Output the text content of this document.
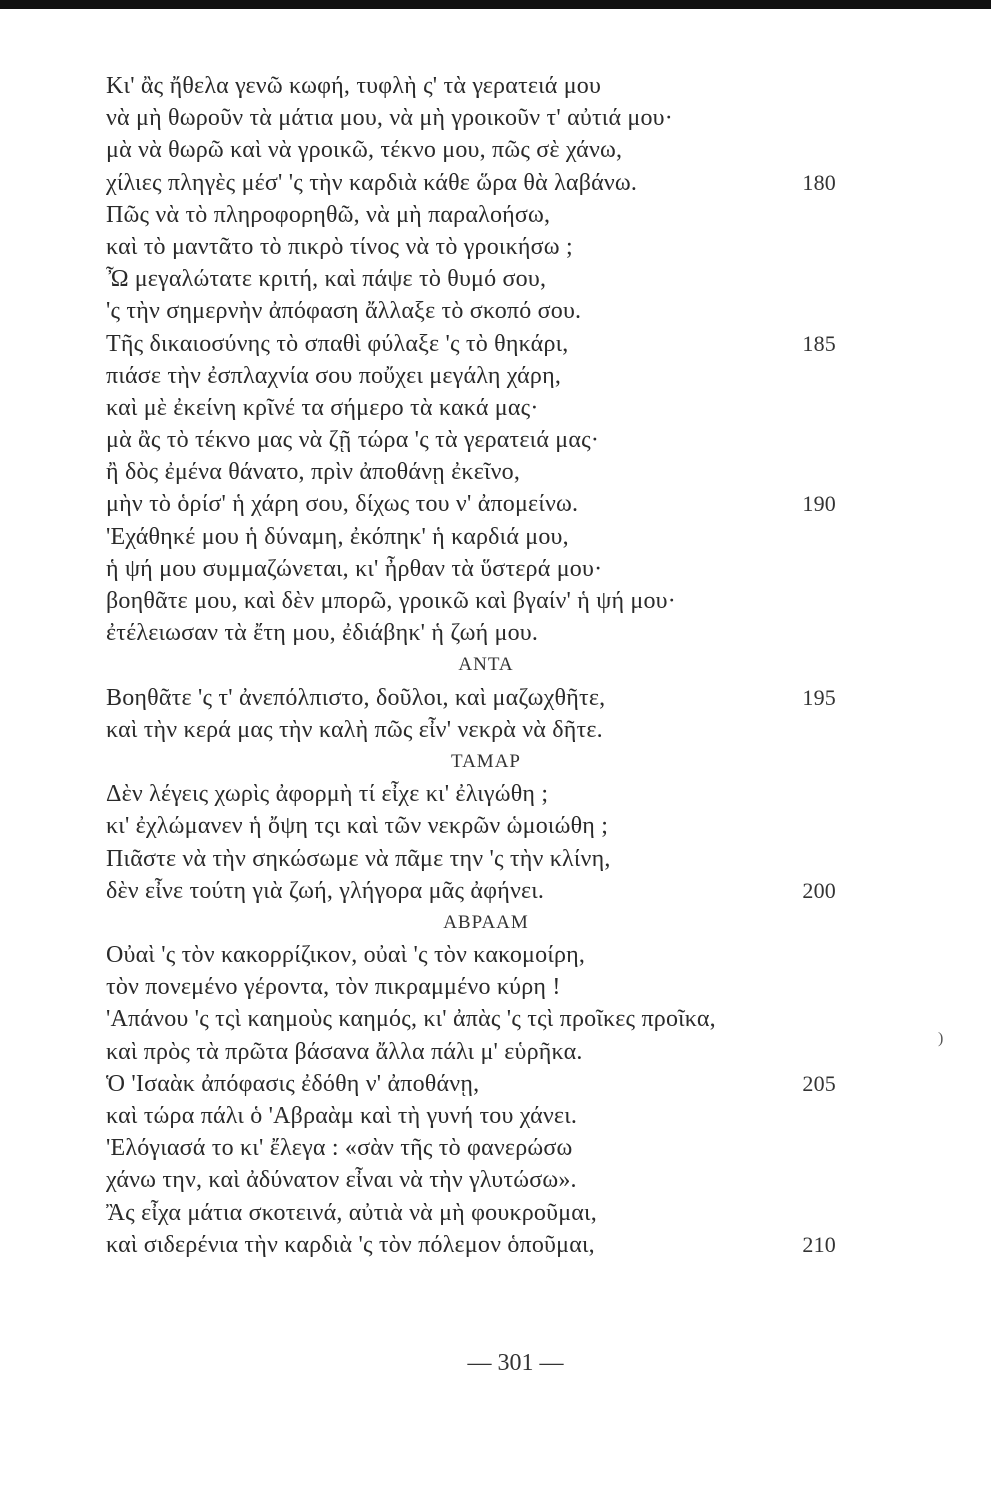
Κι' ἂς ἤθελα γενῶ κωφή, τυφλὴ ς' τὰ γερατειά μου
νὰ μὴ θωροῦν τὰ μάτια μου, νὰ μὴ γροικοῦν τ' αὐτιά μου·
μὰ νὰ θωρῶ καὶ νὰ γροικῶ, τέκνο μου, πῶς σὲ χάνω,
χίλιες πληγὲς μέσ' 'ς τὴν καρδιὰ κάθε ὥρα θὰ λαβάνω.	180
Πῶς νὰ τὸ πληροφορηθῶ, νὰ μὴ παραλοήσω,
καὶ τὸ μαντᾶτο τὸ πικρὸ τίνος νὰ τὸ γροικήσω ;
Ὦ μεγαλώτατε κριτή, καὶ πάψε τὸ θυμό σου,
'ς τὴν σημερνὴν ἀπόφαση ἄλλαξε τὸ σκοπό σου.
Τῆς δικαιοσύνης τὸ σπαθὶ φύλαξε 'ς τὸ θηκάρι,	185
πιάσε τὴν ἐσπλαχνία σου ποὔχει μεγάλη χάρη,
καὶ μὲ ἐκείνη κρῖνέ τα σήμερο τὰ κακά μας·
μὰ ἂς τὸ τέκνο μας νὰ ζῇ τώρα 'ς τὰ γερατειά μας·
ἢ δὸς ἐμένα θάνατο, πρὶν ἀποθάνῃ ἐκεῖνο,
μὴν τὸ ὁρίσ' ἡ χάρη σου, δίχως του ν' ἀπομείνω.	190
'Εχάθηκέ μου ἡ δύναμη, ἐκόπηκ' ἡ καρδιά μου,
ἡ ψή μου συμμαζώνεται, κι' ἦρθαν τὰ ὕστερά μου·
βοηθᾶτε μου, καὶ δὲν μπορῶ, γροικῶ καὶ βγαίν' ἡ ψή μου·
ἐτέλειωσαν τὰ ἔτη μου, ἐδιάβηκ' ἡ ζωή μου.
ΑΝΤΑ
Βοηθᾶτε 'ς τ' ἀνεπόλπιστο, δοῦλοι, καὶ μαζωχθῆτε,	195
καὶ τὴν κερά μας τὴν καλὴ πῶς εἶν' νεκρὰ νὰ δῆτε.
ΤΑΜΑΡ
Δὲν λέγεις χωρὶς ἀφορμὴ τί εἶχε κι' ἐλιγώθη ;
κι' ἐχλώμανεν ἡ ὄψη τςι καὶ τῶν νεκρῶν ὡμοιώθη ;
Πιᾶστε νὰ τὴν σηκώσωμε νὰ πᾶμε την 'ς τὴν κλίνη,
δὲν εἶνε τούτη γιὰ ζωή, γλήγορα μᾶς ἀφήνει.	200
ΑΒΡΑΑΜ
Οὐαὶ 'ς τὸν κακορρίζικον, οὐαὶ 'ς τὸν κακομοίρη,
τὸν πονεμένο γέροντα, τὸν πικραμμένο κύρη !
'Απάνου 'ς τςὶ καημοὺς καημός, κι' ἀπὰς 'ς τςὶ προῖκες προῖκα,
καὶ πρὸς τὰ πρῶτα βάσανα ἄλλα πάλι μ' εὑρῆκα.
Ὁ 'Ισαὰκ ἀπόφασις ἐδόθη ν' ἀποθάνῃ,	205
καὶ τώρα πάλι ὁ 'Αβραὰμ καὶ τὴ γυνή του χάνει.
'Ελόγιασά το κι' ἔλεγα : «σὰν τῆς τὸ φανερώσω
χάνω την, καὶ ἀδύνατον εἶναι νὰ τὴν γλυτώσω».
Ἂς εἶχα μάτια σκοτεινά, αὐτιὰ νὰ μὴ φουκροῦμαι,
καὶ σιδερένια τὴν καρδιὰ 'ς τὸν πόλεμον ὁποῦμαι,	210
)
— 301 —
